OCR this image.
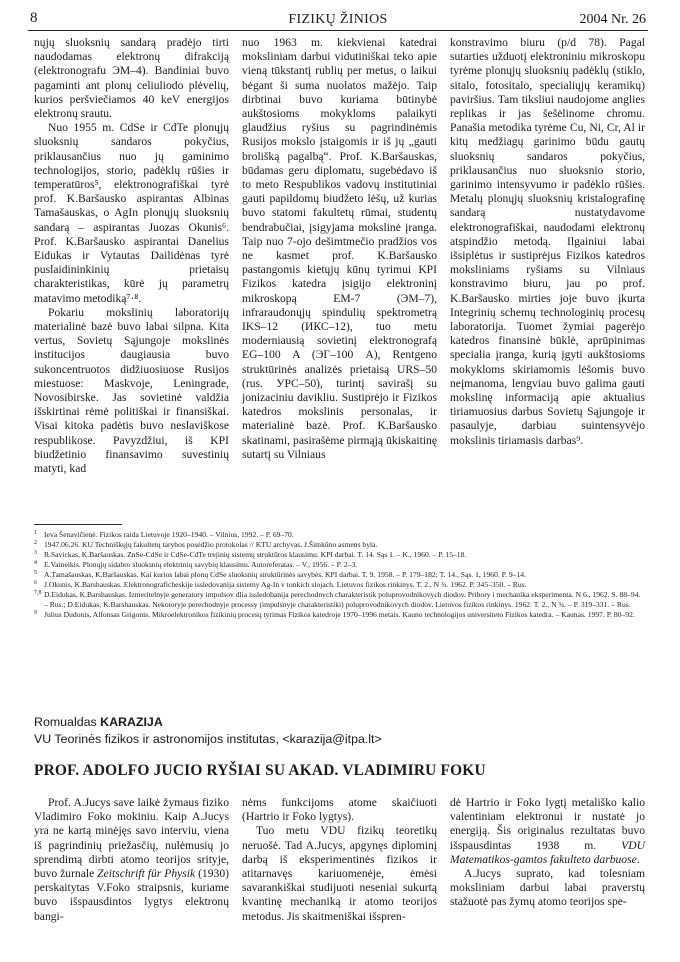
8	FIZIKŲ ŽINIOS	2004 Nr. 26

nųjų sluoksnių sandarą pradėjo tirti naudodamas elektronų difrakciją (elektronografu ЭМ–4). Bandiniai buvo pagaminti ant plonų celiuliodo plėvelių, kurios peršviečiamos 40 keV energijos elektronų srautu.

Nuo 1955 m. CdSe ir CdTe plonųjų sluoksnių sandaros pokyčius, priklausančius nuo jų gaminimo technologijos, storio, padėklų rūšies ir temperatūros⁵, elektronografiškai tyrė prof. K.Baršausko aspirantas Albinas Tamašauskas, o AgIn plonųjų sluoksnių sandarą – aspirantas Juozas Okunis⁶. Prof. K.Baršausko aspirantai Danelius Eidukas ir Vytautas Dailidėnas tyrė puslaidininkinių prietaisų charakteristikas, kūrė jų parametrų matavimo metodiką⁷·⁸.

Pokariu mokslinių laboratorijų materialinė bazė buvo labai silpna. Kita vertus, Sovietų Sąjungoje mokslinės institucijos daugiausia buvo sukoncentruotos didžiuosiuose Rusijos miestuose: Maskvoje, Leningrade, Novosibirske. Jas sovietinė valdžia išskirtinai rėmė politiškai ir finansiškai. Visai kitoka padėtis buvo neslaviškose respublikose. Pavyzdžiui, iš KPI biudžetinio finansavimo suvestinių matyti, kad

nuo 1963 m. kiekvienai katedrai moksliniam darbui vidutiniškai teko apie vieną tūkstantį rublių per metus, o laikui bėgant ši suma nuolatos mažėjo. Taip dirbtinai buvo kuriama būtinybė aukštosioms mokykloms palaikyti glaudžius ryšius su pagrindinėmis Rusijos mokslo įstaigomis ir iš jų „gauti brolišką pagalbą“. Prof. K.Baršauskas, būdamas geru diplomatu, sugebėdavo iš to meto Respublikos vadovų institutiniai gauti papildomų biudžeto lėšų, už kurias buvo statomi fakultetų rūmai, studentų bendrabučiai, įsigyjama mokslinė įranga. Taip nuo 7-ojo dešimtmečio pradžios vos ne kasmet prof. K.Baršausko pastangomis kietųjų kūnų tyrimui KPI Fizikos katedra įsigijo elektroninį mikroskopą EM-7 (ЭМ–7), infraraudonųjų spindulių spektrometrą IKS–12 (ИКС–12), tuo metu moderniausią sovietinį elektronografą EG–100 A (ЭГ–100 A), Rentgeno struktūrinės analizės prietaisą URS–50 (rus. УРС–50), turintį savirašį su jonizaciniu davikliu. Sustiprėjo ir Fizikos katedros mokslinis personalas, ir materialinė bazė. Prof. K.Baršausko skatinami, pasirašėme pirmąją ūkiskaitinę sutartį su Vilniaus

konstravimo biuru (p/d 78). Pagal sutarties užduotį elektroniniu mikroskopu tyrėme plonųjų sluoksnių padėklų (stiklo, sitalo, fotositalo, specialiųjų keramikų) paviršius. Tam tiksliui naudojome anglies replikas ir jas šešėlinome chromu. Panašia metodika tyrėme Cu, Ni, Cr, Al ir kitų medžiagų garinimo būdu gautų sluoksnių sandaros pokyčius, priklausančius nuo sluoksnio storio, garinimo intensyvumo ir padėklo rūšies. Metalų plonųjų sluoksnių kristalografinę sandarą nustatydavome elektronografiškai, naudodami elektronų atspindžio metodą. Ilgainiui labai išsiplėtus ir sustiprėjus Fizikos katedros moksliniams ryšiams su Vilniaus konstravimo biuru, jau po prof. K.Baršausko mirties joje buvo įkurta Integrinių schemų technologinių procesų laboratorija. Tuomet žymiai pagerėjo katedros finansinė būklė, aprūpinimas specialia įranga, kurią įgyti aukštosioms mokykloms skiriamomis lėšomis buvo neįmanoma, lengviau buvo galima gauti mokslinę informaciją apie aktualius tiriamuosius darbus Sovietų Sąjungoje ir pasaulyje, darbiau suintensyvėjo mokslinis tiriamasis darbas⁹.

1 Ieva Šenavičienė. Fizikos raida Lietuvoje 1920–1940. – Vilnius, 1992. – P. 69–70.
2 1947.06.26. KU Techniškųjų fakultetų tarybos posėdžio protokolas // KTU archyvas, J.Šimkūno asmens byla.
3 R.Savickas, K.Baršauskas. ZnSe-CdSe ir CdSe-CdTe trejinių sistemų struktūros klausimu. KPI darbai. T. 14. Sąs 1. – K., 1960. – P. 15–18.
4 E.Vaineikis. Plonųjų sidabro sluoksnių elektrinių savybių klausimu. Autoreferatas. – V., 1956. – P. 2–3.
5 A.Tamašauskas, K.Baršauskas. Kai kurios labai plonų CdSe sluoksnių struktūrinės savybės. KPI darbai. T. 9. 1958. – P. 179–182; T. 14., Sąs. 1, 1960. P. 9–14.
6 J.Okunis, K.Barshauskas. Elektronograficheskije issledovanija sistemy Ag-In v tonkich slojach. Lietuvos fizikos rinkinys. T. 2., N ¾. 1962. P. 345–350. – Rus.
7,8 D.Eidukas, K.Barshauskas. Izmeritelnyje generatory impulsov dlia issledobanija perechodnych charakteristik poluprovodnikovych diodov. Pribory i mechanika eksperimenta. N 6., 1962. S. 88–94. – Rus.; D.Eidukas, K.Barshauskas. Nekotoryje perechodnyje processy (impulsnyje charakteristiki) poluprovodnikovych diodov. Lietuvos fizikos rinkinys. 1962. T. 2., N ¾. – P. 319–331. – Rus.
9 Julius Dudonis, Alfonsas Grigonis. Mikroelektronikos fizikinių procesų tyrimas Fizikos katedroje 1970–1996 metais. Kauno technologijos universiteto Fizikos katedra. – Kaunas. 1997. P. 80–92.
Romualdas KARAZIJA
VU Teorinės fizikos ir astronomijos institutas, <karazija@itpa.lt>
PROF. ADOLFO JUCIO RYŠIAI SU AKAD. VLADIMIRU FOKU

Prof. A.Jucys save laikė žymaus fiziko Vladimiro Foko mokiniu. Kaip A.Jucys yra ne kartą minėjęs savo interviu, viena iš pagrindinių priežasčių, nulėmusių jo sprendimą dirbti atomo teorijos srityje, buvo žurnale Zeitschrift für Physik (1930) perskaitytas V.Foko straipsnis, kuriame buvo išspausdintos lygtys elektronų bangi-

nėms funkcijoms atome skaičiuoti (Hartrio ir Foko lygtys).

Tuo metu VDU fizikų teoretikų neruošė. Tad A.Jucys, apgynęs diplominį darbą iš eksperimentinės fizikos ir atitarnavęs kariuomenėje, ėmėsi savarankiškai studijuoti neseniai sukurtą kvantinę mechaniką ir atomo teorijos metodus. Jis skaitmeniškai išspren-

dė Hartrio ir Foko lygtį metališko kalio valentiniam elektronui ir nustatė jo energiją. Šis originalus rezultatas buvo išspausdintas 1938 m. VDU Matematikos-gamtos fakulteto darbuose.

A.Jucys suprato, kad tolesniam moksliniam darbui labai praverstų stažuotė pas žymų atomo teorijos spe-
